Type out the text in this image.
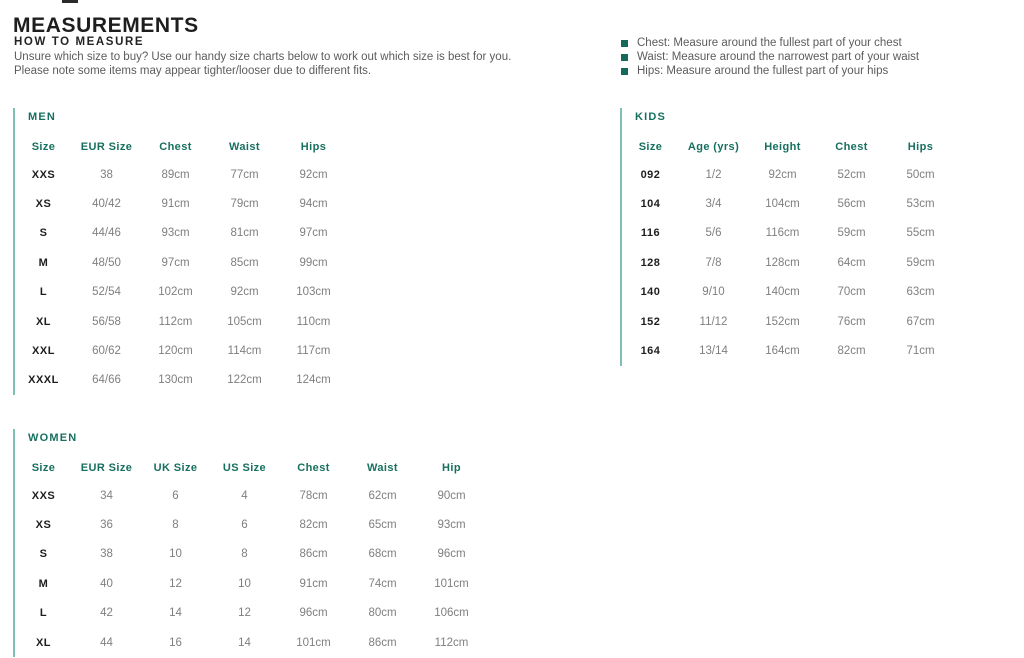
MEASUREMENTS
HOW TO MEASURE
Unsure which size to buy? Use our handy size charts below to work out which size is best for you.
Please note some items may appear tighter/looser due to different fits.
Chest: Measure around the fullest part of your chest
Waist: Measure around the narrowest part of your waist
Hips: Measure around the fullest part of your hips
MEN
Size	EUR Size	Chest	Waist	Hips
XXS	38	89cm	77cm	92cm
XS	40/42	91cm	79cm	94cm
S	44/46	93cm	81cm	97cm
M	48/50	97cm	85cm	99cm
L	52/54	102cm	92cm	103cm
XL	56/58	112cm	105cm	110cm
XXL	60/62	120cm	114cm	117cm
XXXL	64/66	130cm	122cm	124cm
KIDS
Size	Age (yrs)	Height	Chest	Hips
092	1/2	92cm	52cm	50cm
104	3/4	104cm	56cm	53cm
116	5/6	116cm	59cm	55cm
128	7/8	128cm	64cm	59cm
140	9/10	140cm	70cm	63cm
152	11/12	152cm	76cm	67cm
164	13/14	164cm	82cm	71cm
WOMEN
Size	EUR Size	UK Size	US Size	Chest	Waist	Hip
XXS	34	6	4	78cm	62cm	90cm
XS	36	8	6	82cm	65cm	93cm
S	38	10	8	86cm	68cm	96cm
M	40	12	10	91cm	74cm	101cm
L	42	14	12	96cm	80cm	106cm
XL	44	16	14	101cm	86cm	112cm
